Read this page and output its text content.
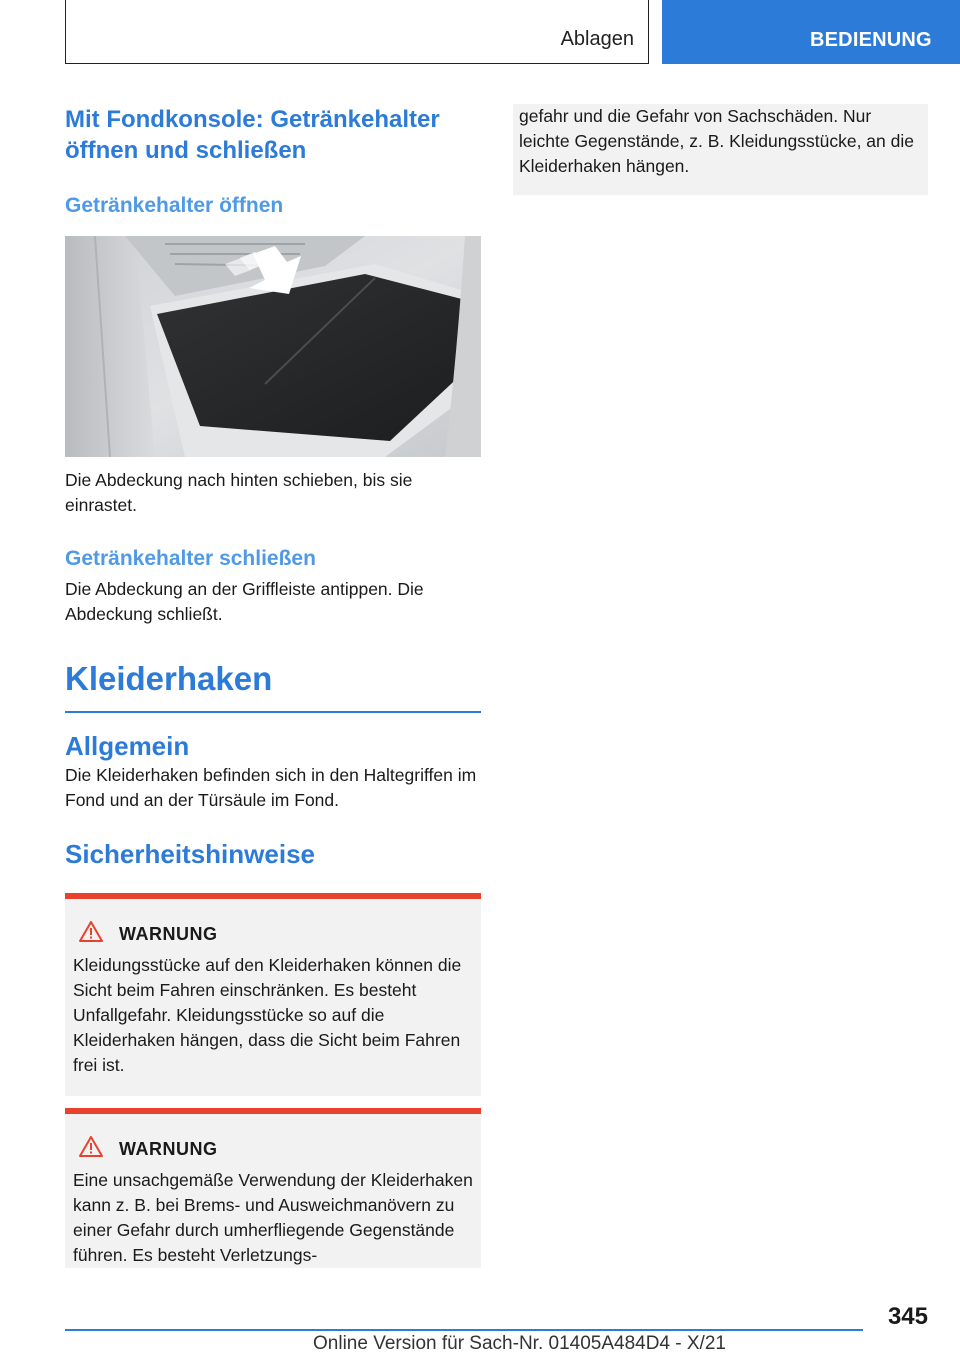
Ablagen	BEDIENUNG
Mit Fondkonsole: Getränkehalter öffnen und schließen
Getränkehalter öffnen

Die Abdeckung nach hinten schieben, bis sie einrastet.

Getränkehalter schließen

Die Abdeckung an der Griffleiste antippen. Die Abdeckung schließt.

Kleiderhaken
Allgemein

Die Kleiderhaken befinden sich in den Haltegriffen im Fond und an der Türsäule im Fond.

Sicherheitshinweise
WARNUNG

Kleidungsstücke auf den Kleiderhaken können die Sicht beim Fahren einschränken. Es besteht Unfallgefahr. Kleidungsstücke so auf die Kleiderhaken hängen, dass die Sicht beim Fahren frei ist.

WARNUNG

Eine unsachgemäße Verwendung der Kleiderhaken kann z. B. bei Brems- und Ausweichmanövern zu einer Gefahr durch umherfliegende Gegenstände führen. Es besteht Verletzungs-

gefahr und die Gefahr von Sachschäden. Nur leichte Gegenstände, z. B. Kleidungsstücke, an die Kleiderhaken hängen.

345
Online Version für Sach-Nr. 01405A484D4 - X/21
